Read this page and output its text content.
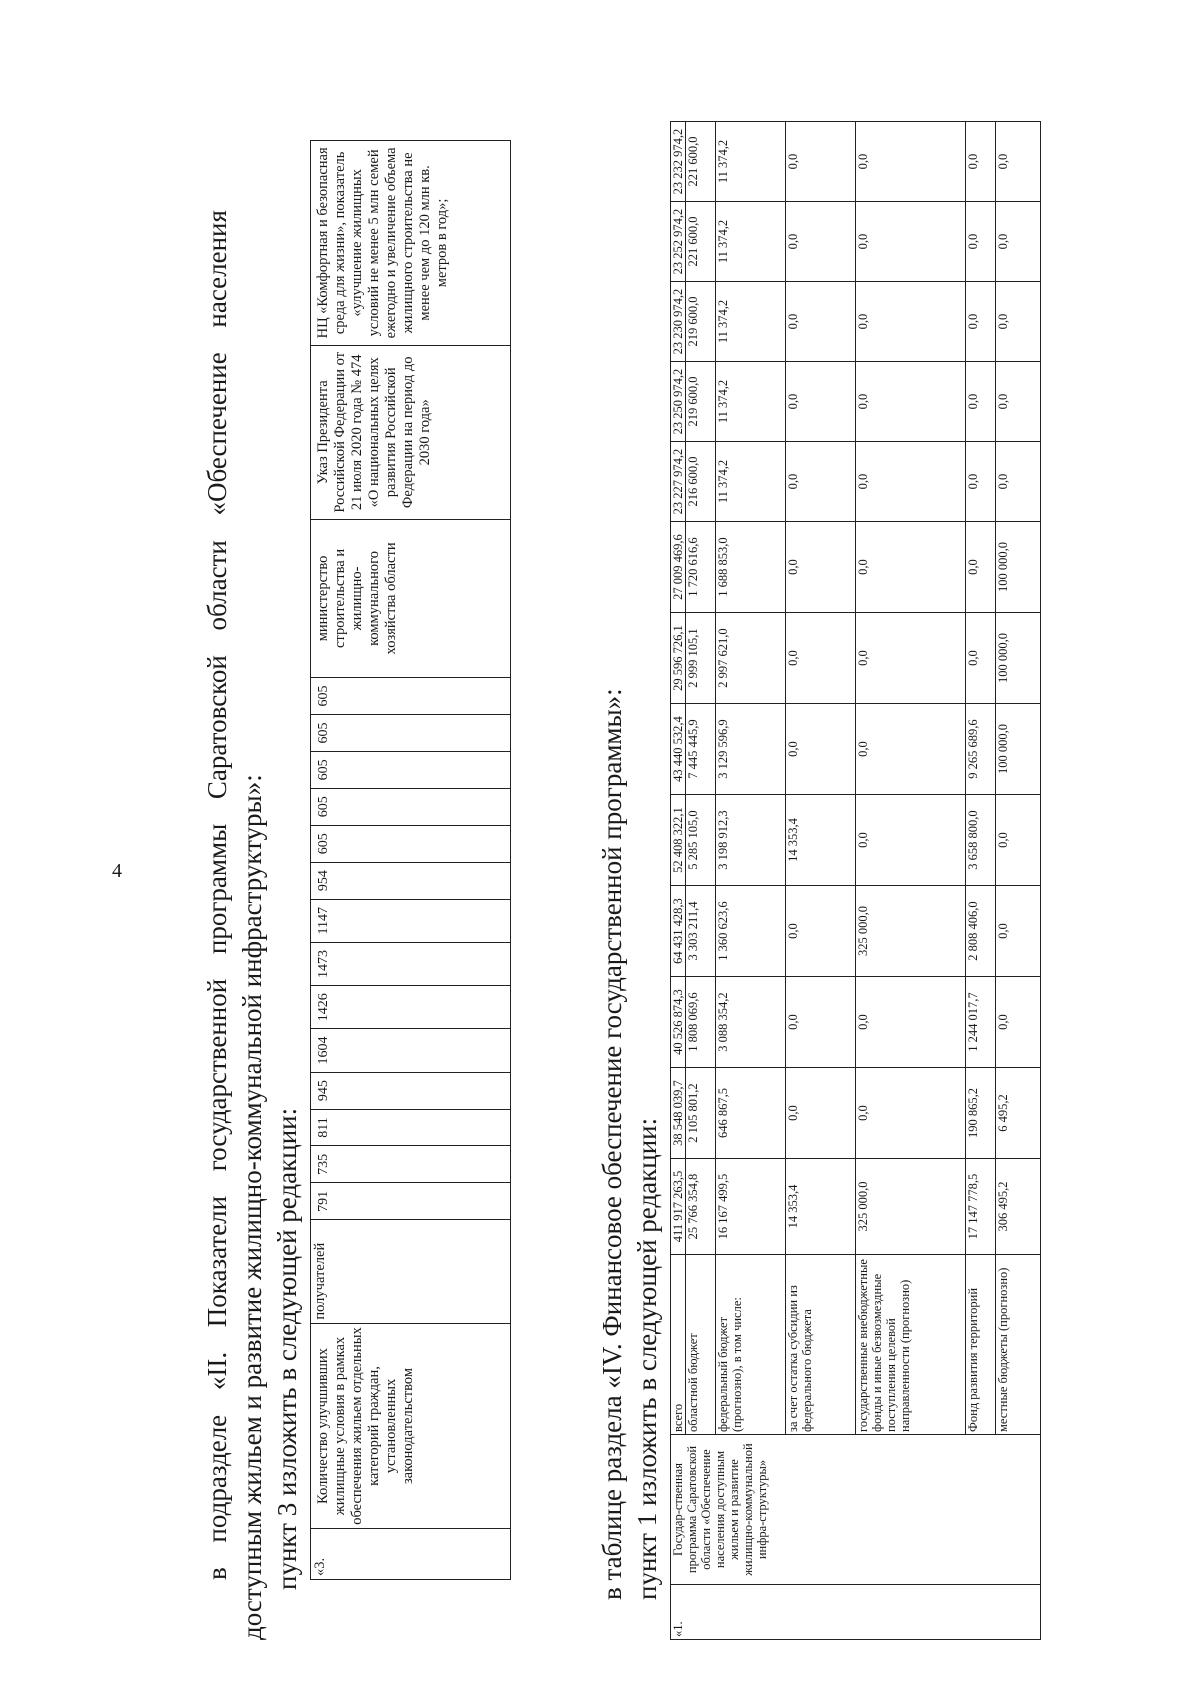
4
в
подразделе
«II.
Показатели
государственной
программы
Саратовской
области
«Обеспечение
населения
доступным жильем и развитие жилищно-коммунальной инфраструктуры»: пункт 3 изложить в следующей редакции: «3.	Количество улучшивших жилищные условия в рамках обеспечения жильем отдельных категорий граждан, установленных законодательством	получателей	791	735	811	945	1604	1426	1473	1147	954	605	605	605	605	605	министерство строительства и жилищно-коммунального хозяйства области	Указ Президента Российской Федерации от 21 июля 2020 года № 474 «О национальных целях развития Российской Федерации на период до 2030 года»	НЦ «Комфортная и безопасная среда для жизни», показатель «улучшение жилищных условий не менее 5 млн семей ежегодно и увеличение объема жилищного строительства не менее чем до 120 млн кв. метров в год»;
в таблице раздела «IV. Финансовое обеспечение государственной программы»: пункт 1 изложить в следующей редакции:
«1.	Государ-ственная программа Саратовской области «Обеспечение населения доступным жильем и развитие жилищно-коммунальной инфра-структуры»	всего	411 917 263,5	38 548 039,7	40 526 874,3	64 431 428,3	52 408 322,1	43 440 532,4	29 596 726,1	27 009 469,6	23 227 974,2	23 250 974,2	23 230 974,2	23 252 974,2	23 232 974,2
		областной бюджет	25 766 354,8	2 105 801,2	1 808 069,6	3 303 211,4	5 285 105,0	7 445 445,9	2 999 105,1	1 720 616,6	216 600,0	219 600,0	219 600,0	221 600,0	221 600,0
		федеральный бюджет (прогнозно), в том числе:	16 167 499,5	646 867,5	3 088 354,2	1 360 623,6	3 198 912,3	3 129 596,9	2 997 621,0	1 688 853,0	11 374,2	11 374,2	11 374,2	11 374,2	11 374,2
		за счет остатка субсидии из федерального бюджета	14 353,4	0,0	0,0	0,0	14 353,4	0,0	0,0	0,0	0,0	0,0	0,0	0,0	0,0
		государственные внебюджетные фонды и иные безвозмездные поступления целевой направленности (прогнозно)	325 000,0	0,0	0,0	325 000,0	0,0	0,0	0,0	0,0	0,0	0,0	0,0	0,0	0,0
		Фонд развития территорий	17 147 778,5	190 865,2	1 244 017,7	2 808 406,0	3 658 800,0	9 265 689,6	0,0	0,0	0,0	0,0	0,0	0,0	0,0
		местные бюджеты (прогнозно)	306 495,2	6 495,2	0,0	0,0	0,0	100 000,0	100 000,0	100 000,0	0,0	0,0	0,0	0,0	0,0
